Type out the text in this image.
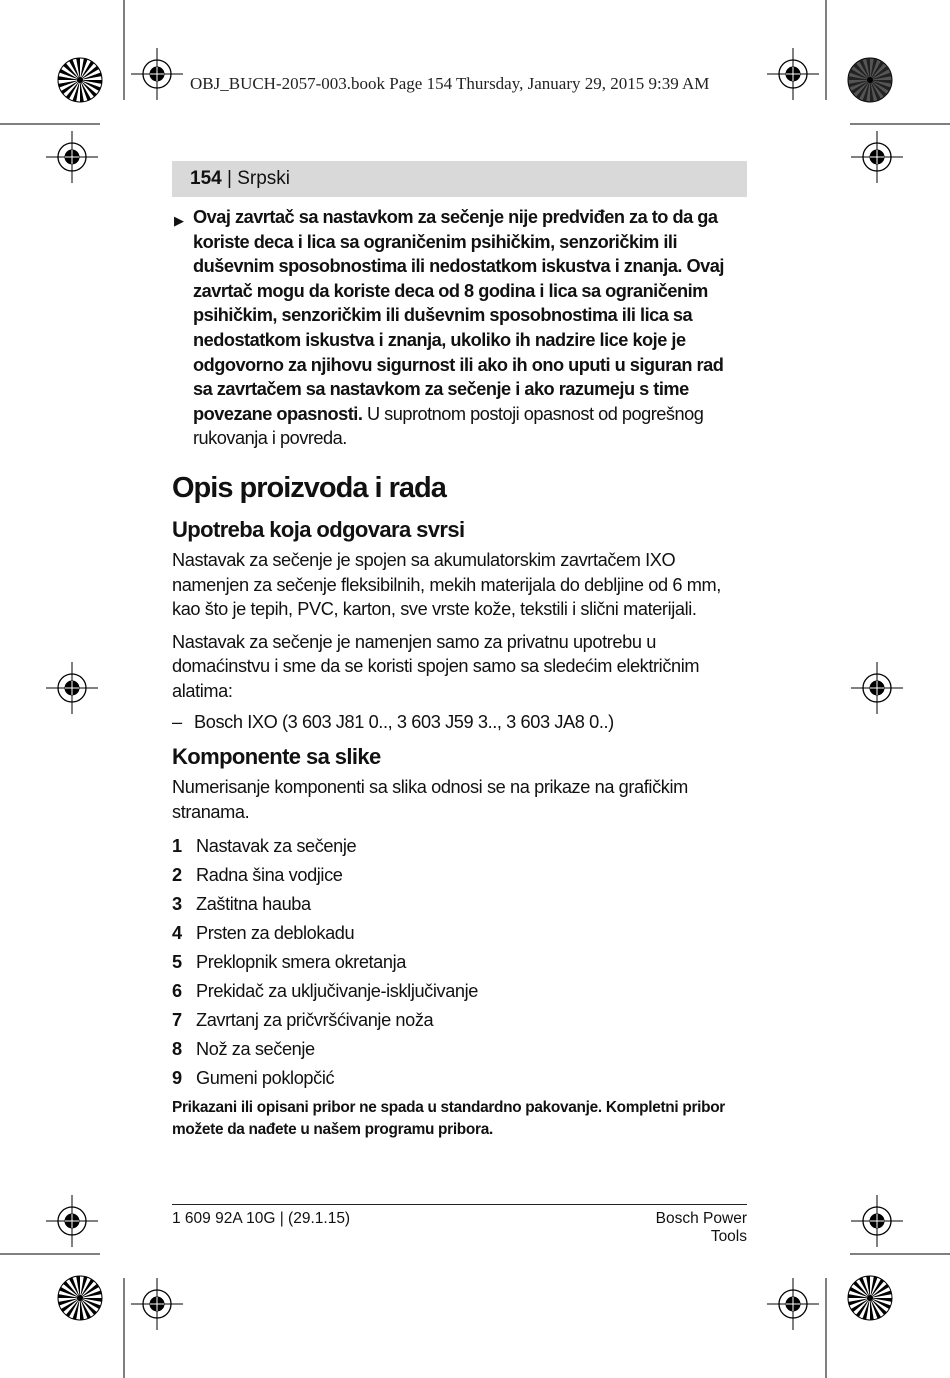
OBJ_BUCH-2057-003.book Page 154 Thursday, January 29, 2015 9:39 AM
154 | Srpski
▶ Ovaj zavrtač sa nastavkom za sečenje nije predviđen za to da ga koriste deca i lica sa ograničenim psihičkim, senzoričkim ili duševnim sposobnostima ili nedostatkom iskustva i znanja. Ovaj zavrtač mogu da koriste deca od 8 godina i lica sa ograničenim psihičkim, senzoričkim ili duševnim sposobnostima ili lica sa nedostatkom iskustva i znanja, ukoliko ih nadzire lice koje je odgovorno za njihovu sigurnost ili ako ih ono uputi u siguran rad sa zavrtačem sa nastavkom za sečenje i ako razumeju s time povezane opasnosti. U suprotnom postoji opasnost od pogrešnog rukovanja i povreda.
Opis proizvoda i rada
Upotreba koja odgovara svrsi
Nastavak za sečenje je spojen sa akumulatorskim zavrtačem IXO namenjen za sečenje fleksibilnih, mekih materijala do debljine od 6 mm, kao što je tepih, PVC, karton, sve vrste kože, tekstili i slični materijali.
Nastavak za sečenje je namenjen samo za privatnu upotrebu u domaćinstvu i sme da se koristi spojen samo sa sledećim električnim alatima:
– Bosch IXO (3 603 J81 0.., 3 603 J59 3.., 3 603 JA8 0..)
Komponente sa slike
Numerisanje komponenti sa slika odnosi se na prikaze na grafičkim stranama.
1 Nastavak za sečenje
2 Radna šina vodjice
3 Zaštitna hauba
4 Prsten za deblokadu
5 Preklopnik smera okretanja
6 Prekidač za uključivanje-isključivanje
7 Zavrtanj za pričvršćivanje noža
8 Nož za sečenje
9 Gumeni poklopčić
Prikazani ili opisani pribor ne spada u standardno pakovanje. Kompletni pribor možete da nađete u našem programu pribora.
1 609 92A 10G | (29.1.15)	Bosch Power Tools
